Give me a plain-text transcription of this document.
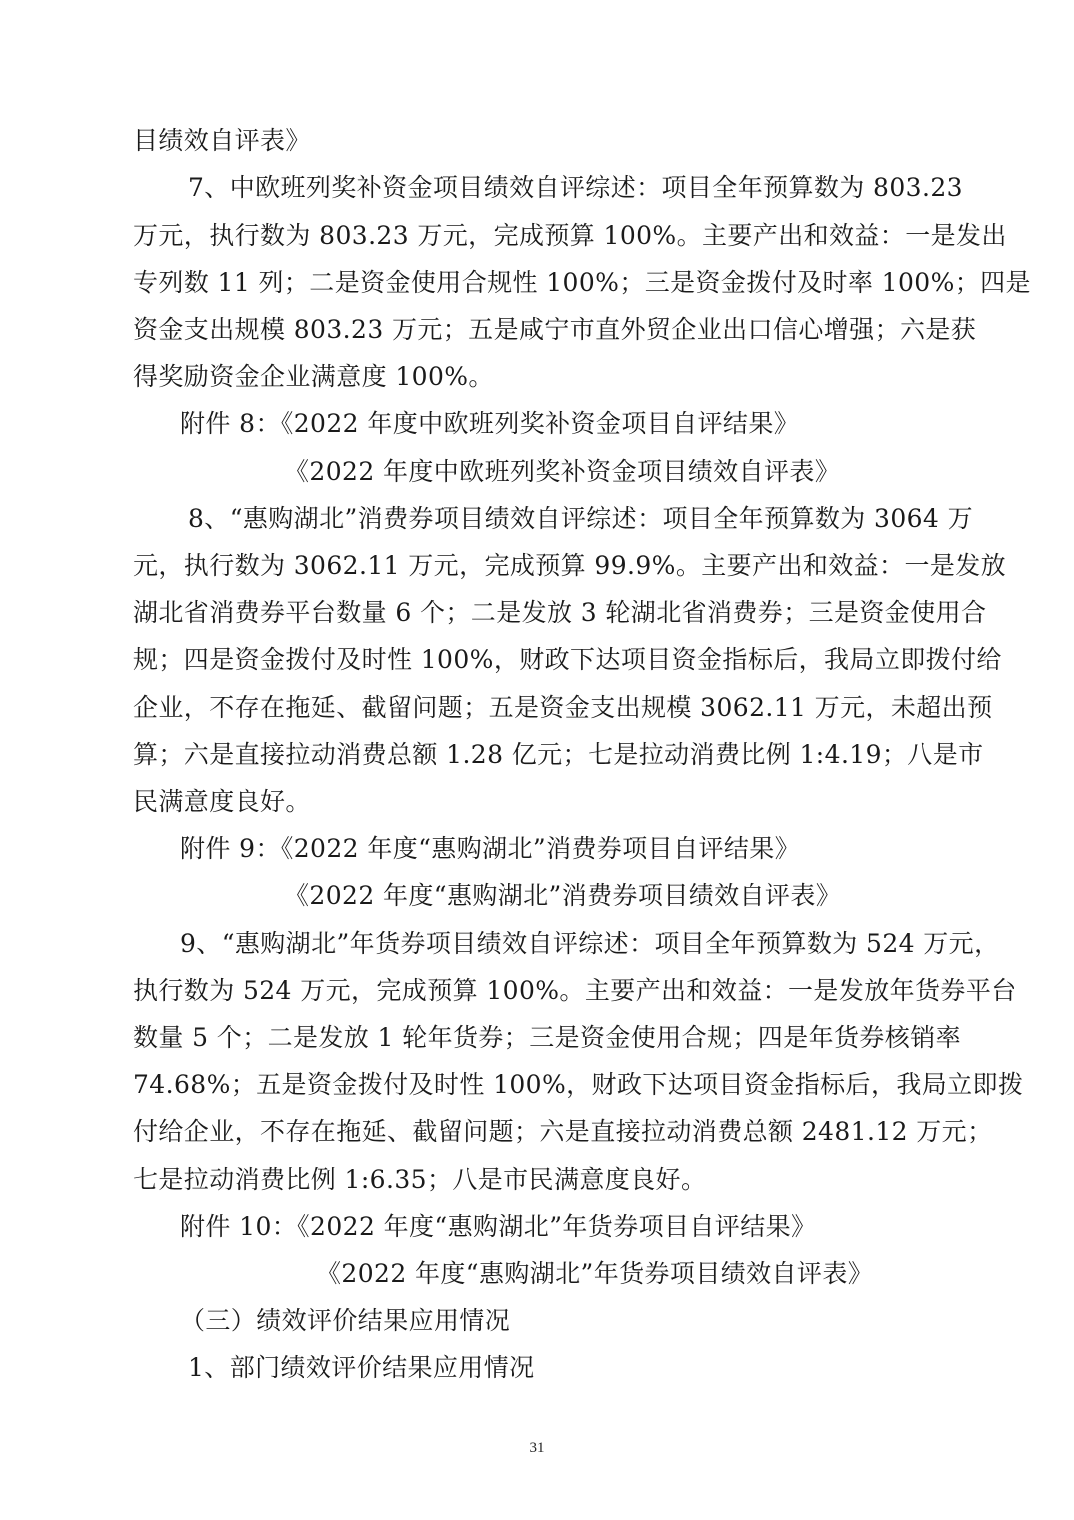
目绩效自评表》
7、中欧班列奖补资金项目绩效自评综述：项目全年预算数为 803.23
万元，执行数为 803.23 万元，完成预算 100%。主要产出和效益：一是发出
专列数 11 列；二是资金使用合规性 100%；三是资金拨付及时率 100%；四是
资金支出规模 803.23 万元；五是咸宁市直外贸企业出口信心增强；六是获
得奖励资金企业满意度 100%。
附件 8：《2022 年度中欧班列奖补资金项目自评结果》
《2022 年度中欧班列奖补资金项目绩效自评表》
8、“惠购湖北”消费券项目绩效自评综述：项目全年预算数为 3064 万
元，执行数为 3062.11 万元，完成预算 99.9%。主要产出和效益：一是发放
湖北省消费券平台数量 6 个；二是发放 3 轮湖北省消费券；三是资金使用合
规；四是资金拨付及时性 100%，财政下达项目资金指标后，我局立即拨付给
企业，不存在拖延、截留问题；五是资金支出规模 3062.11 万元，未超出预
算；六是直接拉动消费总额 1.28 亿元；七是拉动消费比例 1:4.19；八是市
民满意度良好。
附件 9：《2022 年度“惠购湖北”消费券项目自评结果》
《2022 年度“惠购湖北”消费券项目绩效自评表》
9、“惠购湖北”年货券项目绩效自评综述：项目全年预算数为 524 万元，
执行数为 524 万元，完成预算 100%。主要产出和效益：一是发放年货券平台
数量 5 个；二是发放 1 轮年货券；三是资金使用合规；四是年货券核销率
74.68%；五是资金拨付及时性 100%，财政下达项目资金指标后，我局立即拨
付给企业，不存在拖延、截留问题；六是直接拉动消费总额 2481.12 万元；
七是拉动消费比例 1:6.35；八是市民满意度良好。
附件 10：《2022 年度“惠购湖北”年货券项目自评结果》
《2022 年度“惠购湖北”年货券项目绩效自评表》
（三）绩效评价结果应用情况
1、部门绩效评价结果应用情况
31
